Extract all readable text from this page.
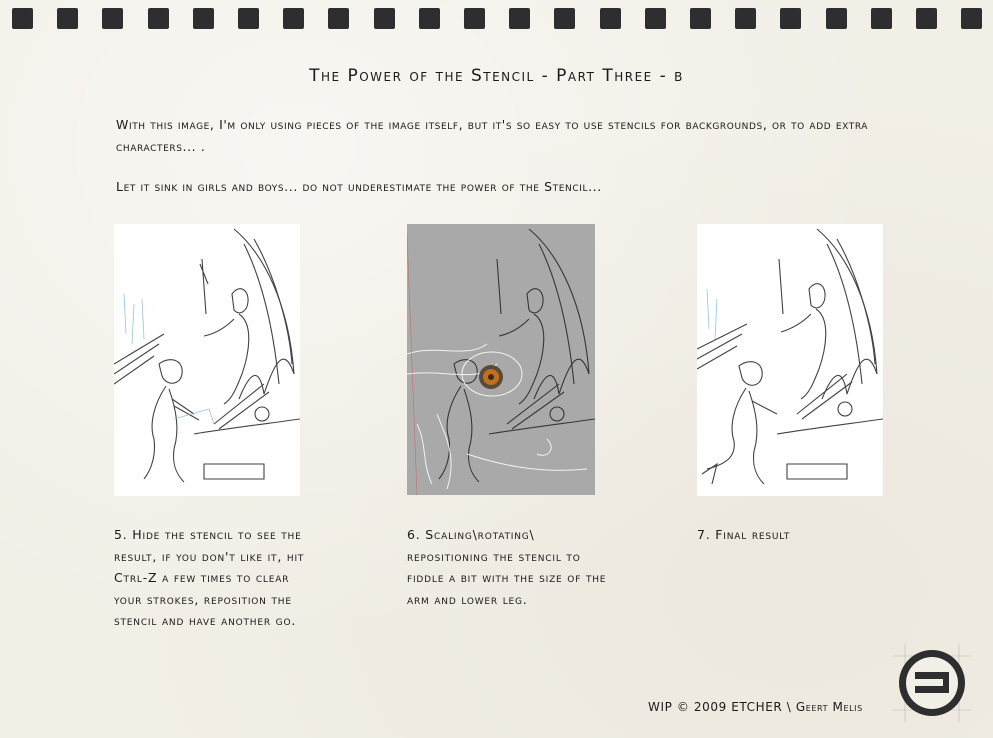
The Power of the Stencil - Part Three - b
With this image, I'm only using pieces of the image itself, but it's so easy to use stencils for backgrounds, or to add extra characters... .
Let it sink in girls and boys... do not underestimate the power of the Stencil...
5. Hide the stencil to see the result, if you don't like it, hit Ctrl-Z a few times to clear your strokes, reposition the stencil and have another go.
6. Scaling\rotating\ repositioning the stencil to fiddle a bit with the size of the arm and lower leg.
7. Final result
WIP © 2009 ETCHER \ Geert Melis
